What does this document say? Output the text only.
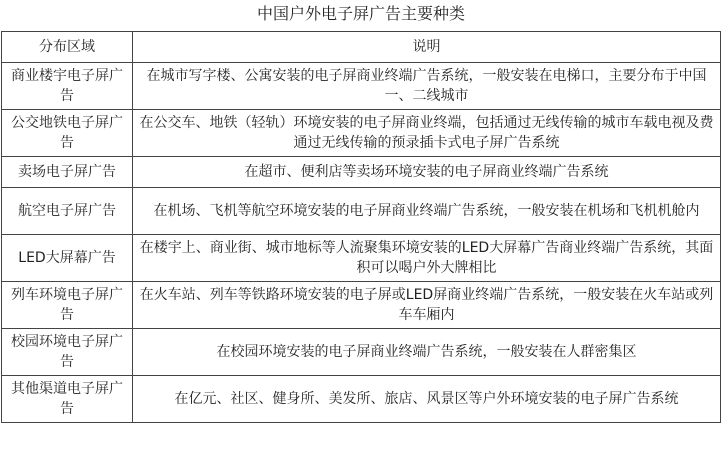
中国户外电子屏广告主要种类
分布区域	说明
商业楼宇电子屏广告	在城市写字楼、公寓安装的电子屏商业终端广告系统，一般安装在电梯口，主要分布于中国一、二线城市
公交地铁电子屏广告	在公交车、地铁（轻轨）环境安装的电子屏商业终端，包括通过无线传输的城市车载电视及费通过无线传输的预录插卡式电子屏广告系统
卖场电子屏广告	在超市、便利店等卖场环境安装的电子屏商业终端广告系统
航空电子屏广告	在机场、飞机等航空环境安装的电子屏商业终端广告系统，一般安装在机场和飞机机舱内
LED大屏幕广告	在楼宇上、商业街、城市地标等人流聚集环境安装的LED大屏幕广告商业终端广告系统，其面积可以喝户外大牌相比
列车环境电子屏广告	在火车站、列车等铁路环境安装的电子屏或LED屏商业终端广告系统，一般安装在火车站或列车车厢内
校园环境电子屏广告	在校园环境安装的电子屏商业终端广告系统，一般安装在人群密集区
其他渠道电子屏广告	在亿元、社区、健身所、美发所、旅店、风景区等户外环境安装的电子屏广告系统
